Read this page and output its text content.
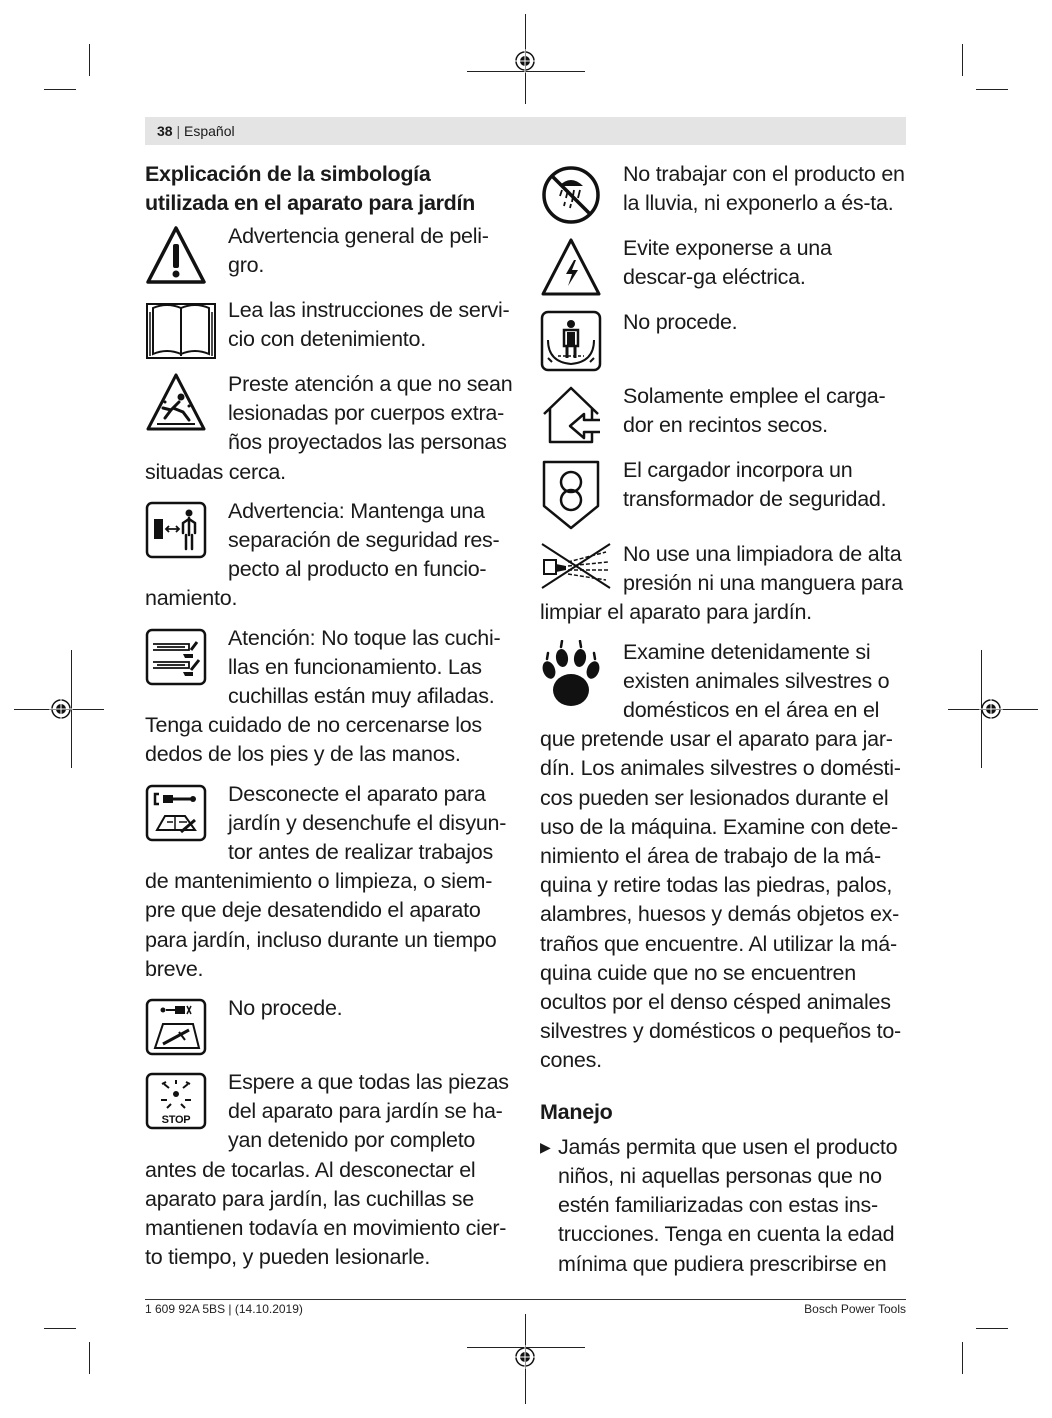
38 | Español
Explicación de la simbología utilizada en el aparato para jardín
Advertencia general de peli-gro.
Lea las instrucciones de servi-cio con detenimiento.
Preste atención a que no sean lesionadas por cuerpos extra-ños proyectados las personas situadas cerca.
Advertencia: Mantenga una separación de seguridad res-pecto al producto en funcio-namiento.
Atención: No toque las cuchi-llas en funcionamiento. Las cuchillas están muy afiladas. Tenga cuidado de no cercenarse los dedos de los pies y de las manos.
Desconecte el aparato para jardín y desenchufe el disyun-tor antes de realizar trabajos de mantenimiento o limpieza, o siem-pre que deje desatendido el aparato para jardín, incluso durante un tiempo breve.
No procede.
STOP
Espere a que todas las piezas del aparato para jardín se ha-yan detenido por completo antes de tocarlas. Al desconectar el aparato para jardín, las cuchillas se mantienen todavía en movimiento cier-to tiempo, y pueden lesionarle.
No trabajar con el producto en la lluvia, ni exponerlo a és-ta.
Evite exponerse a una descar-ga eléctrica.
No procede.
Solamente emplee el carga-dor en recintos secos.
El cargador incorpora un transformador de seguridad.
No use una limpiadora de alta presión ni una manguera para limpiar el aparato para jardín.
Examine detenidamente si existen animales silvestres o domésticos en el área en el que pretende usar el aparato para jar-dín. Los animales silvestres o domésti-cos pueden ser lesionados durante el uso de la máquina. Examine con dete-nimiento el área de trabajo de la má-quina y retire todas las piedras, palos, alambres, huesos y demás objetos ex-traños que encuentre. Al utilizar la má-quina cuide que no se encuentren ocultos por el denso césped animales silvestres y domésticos o pequeños to-cones.
Manejo
▶ Jamás permita que usen el producto niños, ni aquellas personas que no estén familiarizadas con estas ins-trucciones. Tenga en cuenta la edad mínima que pudiera prescribirse en
1 609 92A 5BS | (14.10.2019)	Bosch Power Tools
